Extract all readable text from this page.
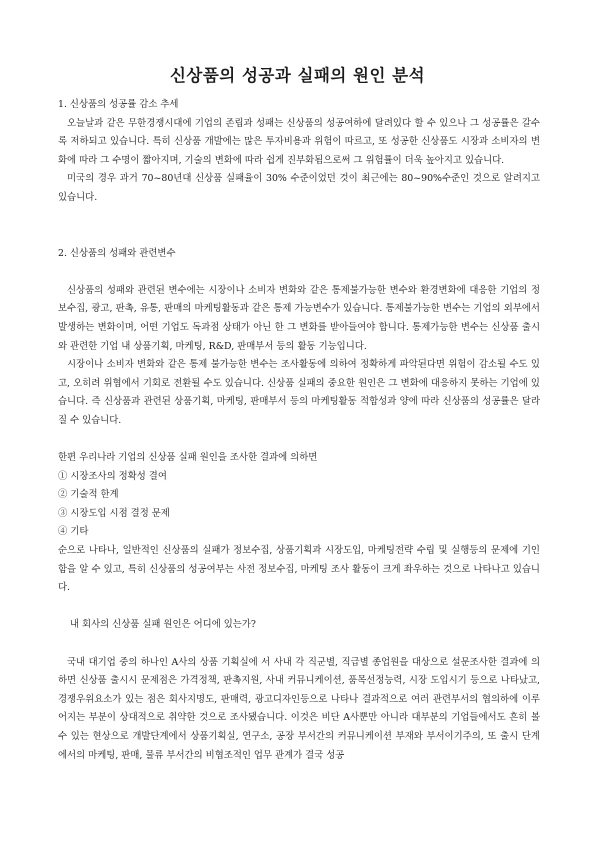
신상품의 성공과 실패의 원인 분석

1. 신상품의 성공률 감소 추세

오늘날과 같은 무한경쟁시대에 기업의 존립과 성패는 신상품의 성공여하에 달려있다 할 수 있으나 그 성공률은 갈수록 저하되고 있습니다. 특히 신상품 개발에는 많은 투자비용과 위험이 따르고, 또 성공한 신상품도 시장과 소비자의 변화에 따라 그 수명이 짧아지며, 기술의 변화에 따라 쉽게 진부화됨으로써 그 위험률이 더욱 높아지고 있습니다.

미국의 경우 과거 70~80년대 신상품 실패율이 30% 수준이었던 것이 최근에는 80~90%수준인 것으로 알려지고 있습니다.

2. 신상품의 성패와 관련변수

신상품의 성패와 관련된 변수에는 시장이나 소비자 변화와 같은 통제불가능한 변수와 환경변화에 대응한 기업의 정보수집, 광고, 판촉, 유통, 판매의 마케팅활동과 같은 통제 가능변수가 있습니다. 통제불가능한 변수는 기업의 외부에서 발생하는 변화이며, 어떤 기업도 독과점 상태가 아닌 한 그 변화를 받아들여야 합니다. 통제가능한 변수는 신상품 출시와 관련한 기업 내 상품기획, 마케팅, R&D, 판매부서 등의 활동 기능입니다.

시장이나 소비자 변화와 같은 통제 불가능한 변수는 조사활동에 의하여 정확하게 파악된다면 위험이 감소될 수도 있고, 오히려 위협에서 기회로 전환될 수도 있습니다. 신상품 실패의 중요한 원인은 그 변화에 대응하지 못하는 기업에 있습니다. 즉 신상품과 관련된 상품기획, 마케팅, 판매부서 등의 마케팅활동 적합성과 양에 따라 신상품의 성공률은 달라 질 수 있습니다.

한편 우리나라 기업의 신상품 실패 원인을 조사한 결과에 의하면

① 시장조사의 정확성 결여

② 기술적 한계

③ 시장도입 시점 결정 문제

④ 기타

순으로 나타나, 일반적인 신상품의 실패가 정보수집, 상품기획과 시장도입, 마케팅전략 수립 및 실행등의 문제에 기인함을 알 수 있고, 특히 신상품의 성공여부는 사전 정보수집, 마케팅 조사 활동이 크게 좌우하는 것으로 나타나고 있습니다.

내 회사의 신상품 실패 원인은 어디에 있는가?

국내 대기업 중의 하나인 A사의 상품 기획실에 서 사내 각 직군별, 직급별 종업원을 대상으로 설문조사한 결과에 의하면 신상품 출시시 문제점은 가격정책, 판촉지원, 사내 커뮤니케이션, 품목선정능력, 시장 도입시기 등으로 나타났고, 경쟁우위요소가 있는 점은 회사지명도, 판매력, 광고디자인등으로 나타나 결과적으로 여러 관련부서의 협의하에 이루어지는 부분이 상대적으로 취약한 것으로 조사됐습니다. 이것은 비단 A사뿐만 아니라 대부분의 기업들에서도 흔히 볼 수 있는 현상으로 개발단계에서 상품기획실, 연구소, 공장 부서간의 커뮤니케이션 부재와 부서이기주의, 또 출시 단계에서의 마케팅, 판매, 물류 부서간의 비협조적인 업무 관계가 결국 성공
